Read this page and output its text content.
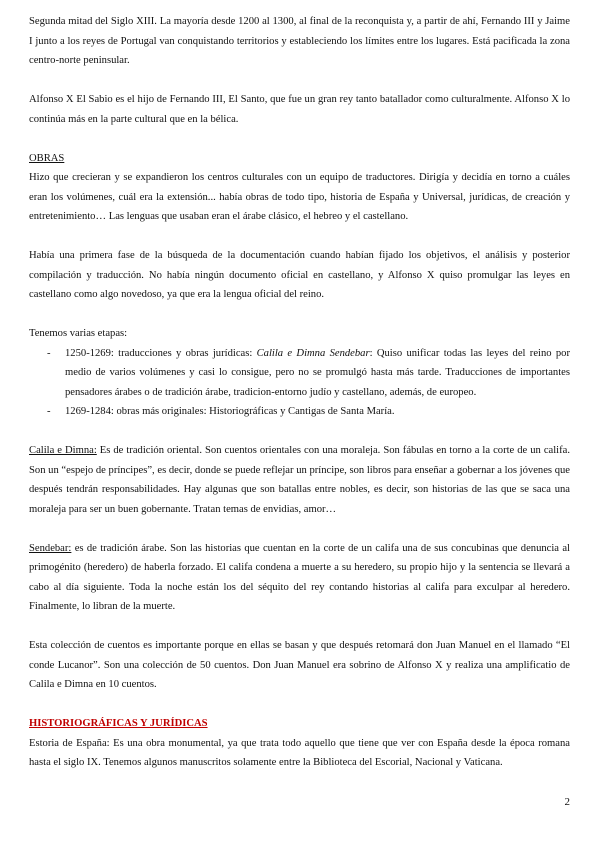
Segunda mitad del Siglo XIII. La mayoría desde 1200 al 1300, al final de la reconquista y, a partir de ahí, Fernando III y Jaime I junto a los reyes de Portugal van conquistando territorios y estableciendo los límites entre los lugares. Está pacificada la zona centro-norte peninsular.

Alfonso X El Sabio es el hijo de Fernando III, El Santo, que fue un gran rey tanto batallador como culturalmente. Alfonso X lo continúa más en la parte cultural que en la bélica.

OBRAS

Hizo que crecieran y se expandieron los centros culturales con un equipo de traductores. Dirigía y decidía en torno a cuáles eran los volúmenes, cuál era la extensión... había obras de todo tipo, historia de España y Universal, jurídicas, de creación y entretenimiento… Las lenguas que usaban eran el árabe clásico, el hebreo y el castellano.

Había una primera fase de la búsqueda de la documentación cuando habían fijado los objetivos, el análisis y posterior compilación y traducción. No había ningún documento oficial en castellano, y Alfonso X quiso promulgar las leyes en castellano como algo novedoso, ya que era la lengua oficial del reino.

Tenemos varias etapas:

- 1250-1269: traducciones y obras jurídicas: Calila e Dimna Sendebar: Quiso unificar todas las leyes del reino por medio de varios volúmenes y casi lo consigue, pero no se promulgó hasta más tarde. Traducciones de importantes pensadores árabes o de tradición árabe, tradicion-entorno judío y castellano, además, de europeo.
- 1269-1284: obras más originales: Historiográficas y Cantigas de Santa María.

Calila e Dimna: Es de tradición oriental. Son cuentos orientales con una moraleja. Son fábulas en torno a la corte de un califa. Son un “espejo de príncipes”, es decir, donde se puede reflejar un príncipe, son libros para enseñar a gobernar a los jóvenes que después tendrán responsabilidades. Hay algunas que son batallas entre nobles, es decir, son historias de las que se saca una moraleja para ser un buen gobernante. Tratan temas de envidias, amor…

Sendebar: es de tradición árabe. Son las historias que cuentan en la corte de un califa una de sus concubinas que denuncia al primogénito (heredero) de haberla forzado. El califa condena a muerte a su heredero, su propio hijo y la sentencia se llevará a cabo al día siguiente. Toda la noche están los del séquito del rey contando historias al califa para exculpar al heredero. Finalmente, lo libran de la muerte.

Esta colección de cuentos es importante porque en ellas se basan y que después retomará don Juan Manuel en el llamado “El conde Lucanor”. Son una colección de 50 cuentos. Don Juan Manuel era sobrino de Alfonso X y realiza una amplificatio de Calila e Dimna en 10 cuentos.

HISTORIOGRÁFICAS Y JURÍDICAS

Estoria de España: Es una obra monumental, ya que trata todo aquello que tiene que ver con España desde la época romana hasta el siglo IX. Tenemos algunos manuscritos solamente entre la Biblioteca del Escorial, Nacional y Vaticana.

2
